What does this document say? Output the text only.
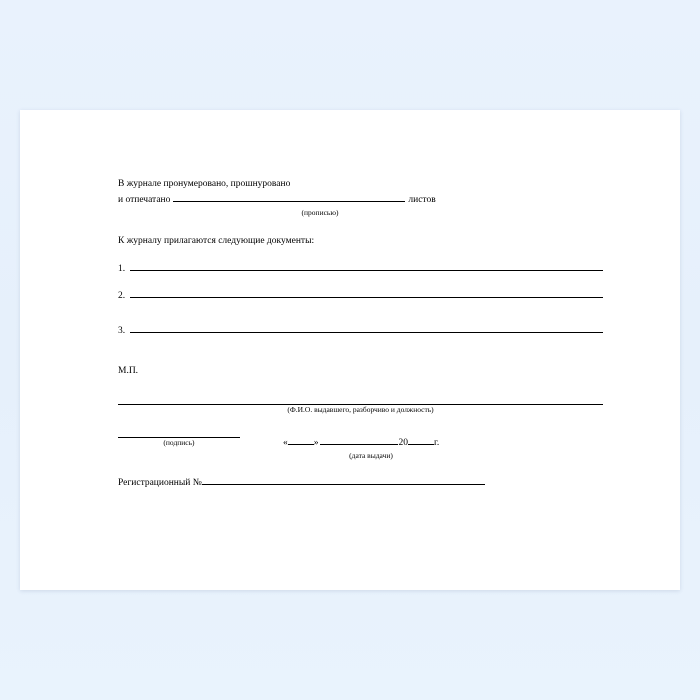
В журнале пронумеровано, прошнуровано
и отпечатано	листов
(прописью)
К журналу прилагаются следующие документы:
1.
2.
3.
М.П.
(Ф.И.О. выдавшего, разборчиво и должность)
(подпись)	«	»	20	г.
(дата выдачи)
Регистрационный №
